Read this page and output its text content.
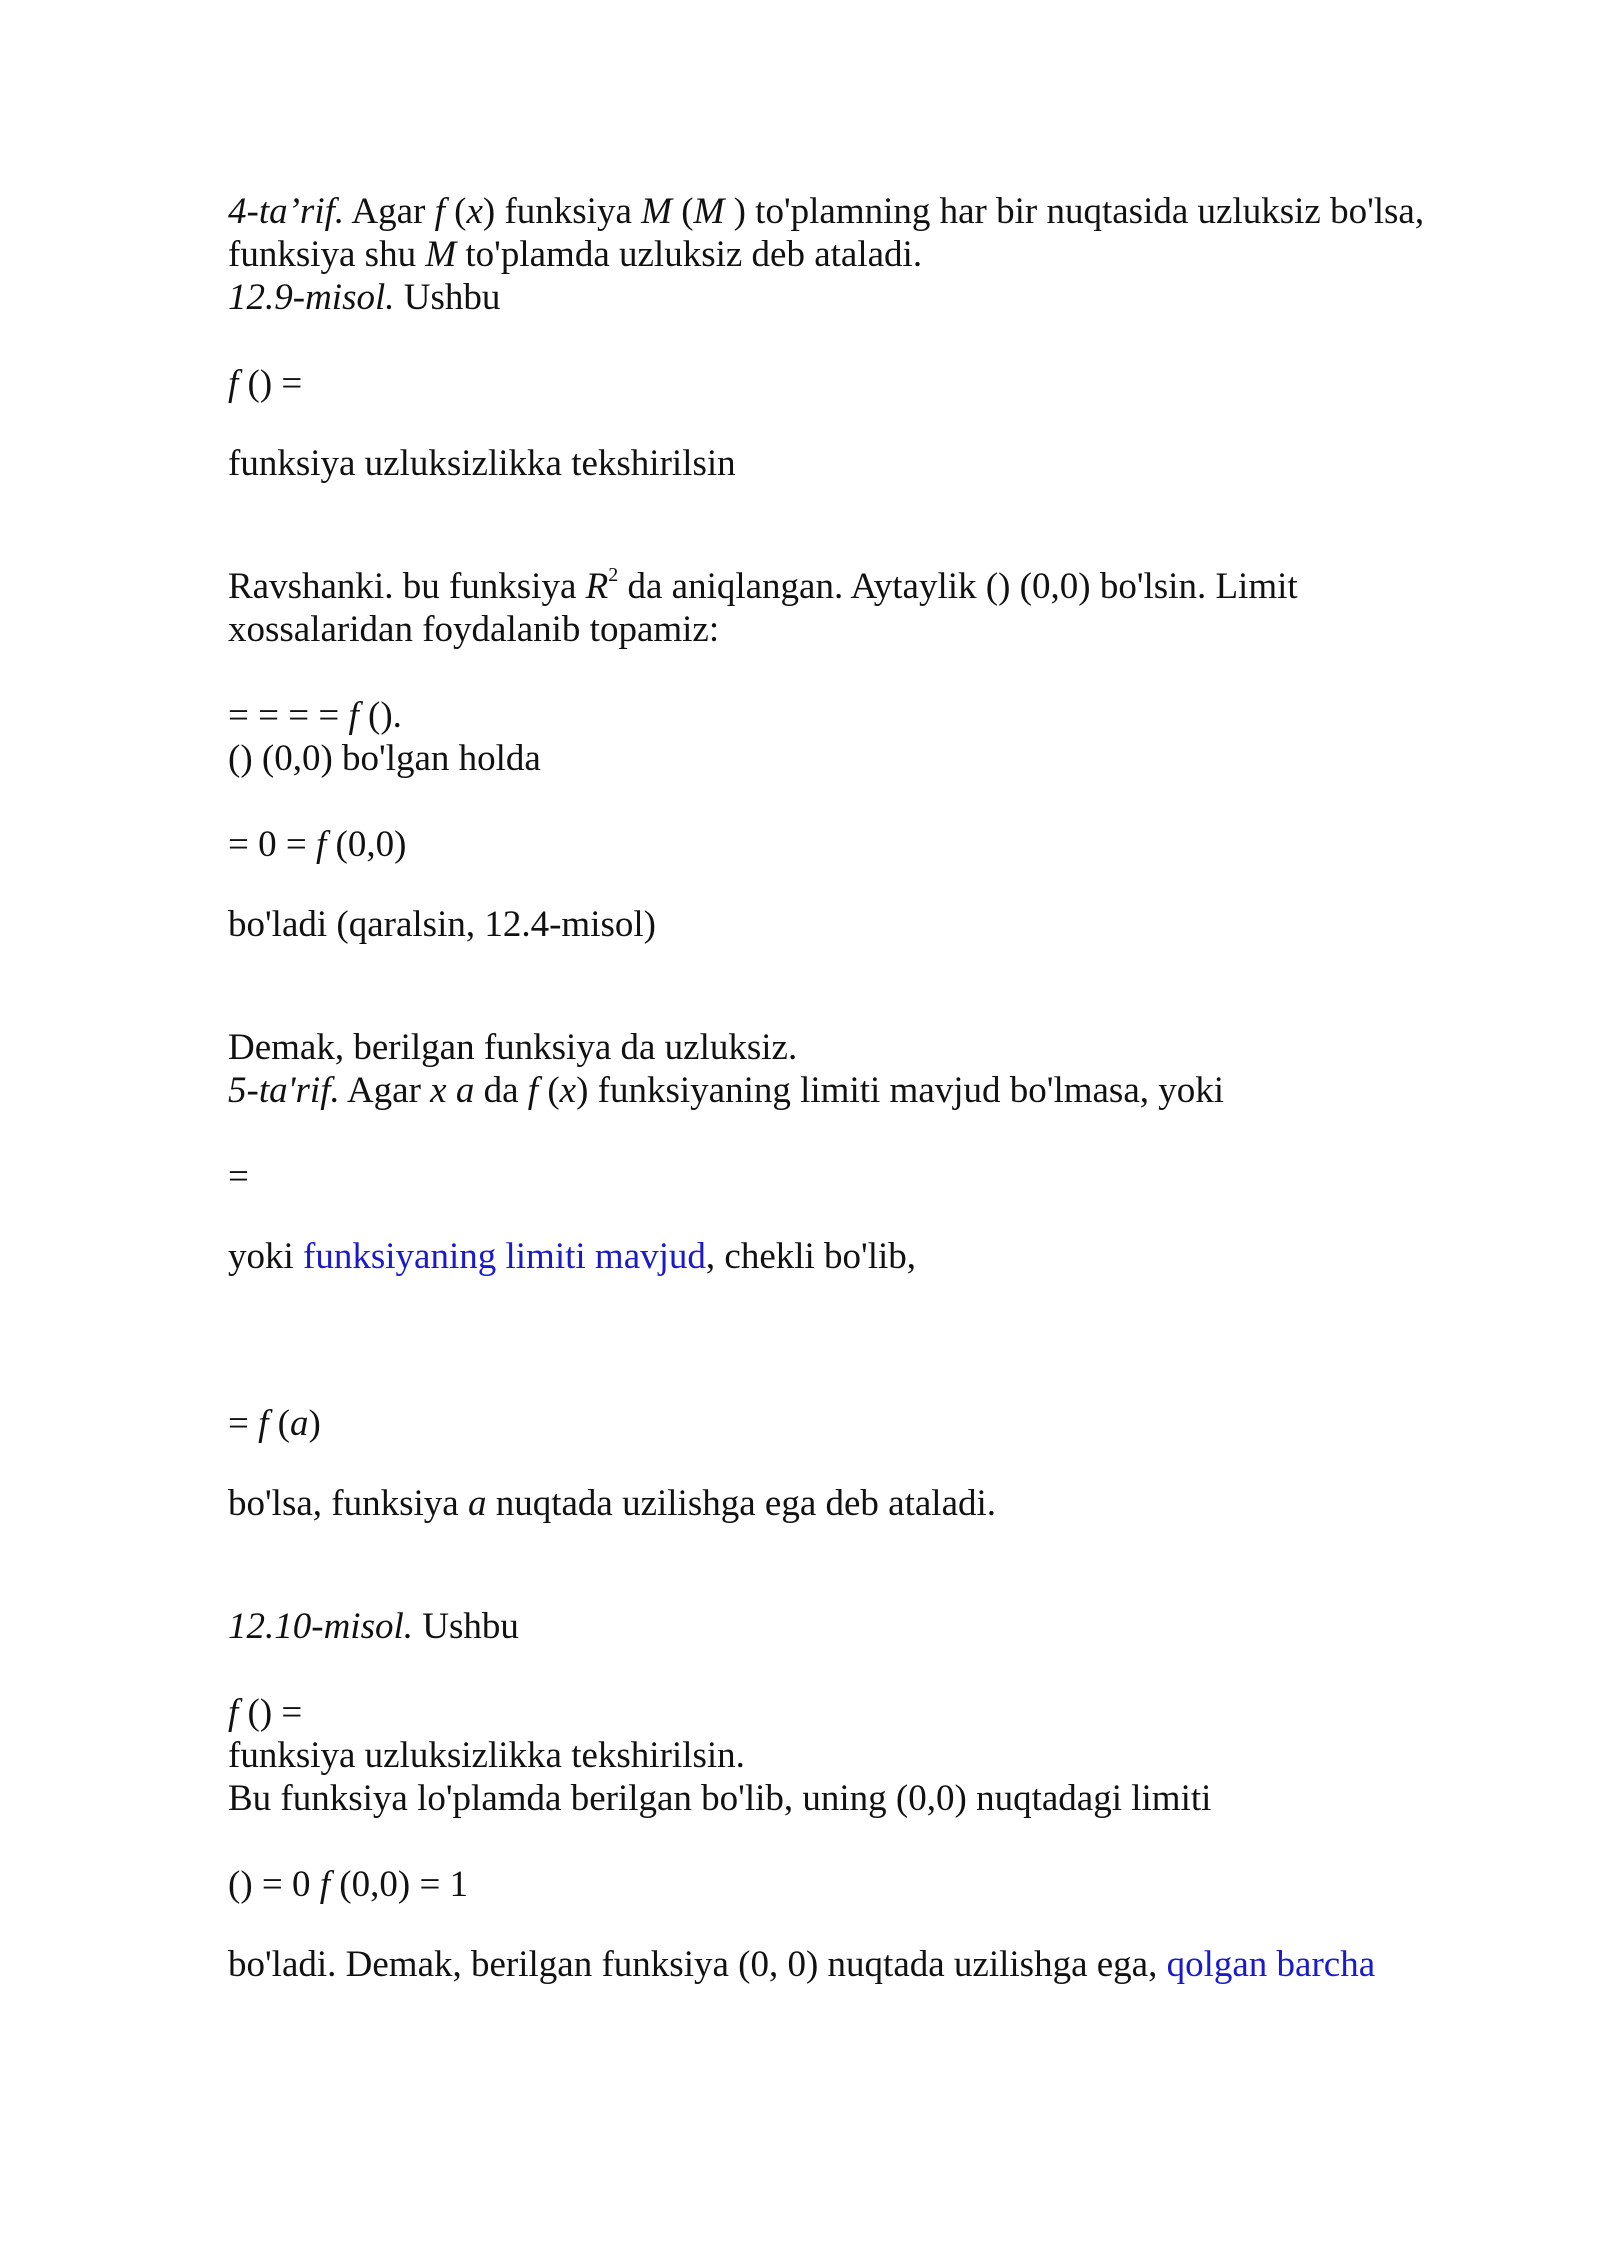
4-ta’rif. Agar f (x) funksiya M (M ) to'plamning har bir nuqtasida uzluksiz bo'lsa,
funksiya shu M to'plamda uzluksiz deb ataladi.
12.9-misol. Ushbu
f () =
funksiya uzluksizlikka tekshirilsin
Ravshanki. bu funksiya $R^2$ da aniqlangan. Aytaylik () (0,0) bo'lsin. Limit
xossalaridan foydalanib topamiz:
= = = = f ().
() (0,0) bo'lgan holda
= 0 = f (0,0)
bo'ladi (qaralsin, 12.4-misol)
Demak, berilgan funksiya da uzluksiz.
5-ta'rif. Agar x a da f (x) funksiyaning limiti mavjud bo'lmasa, yoki
=
yoki funksiyaning limiti mavjud, chekli bo'lib,
= f (a)
bo'lsa, funksiya a nuqtada uzilishga ega deb ataladi.
12.10-misol. Ushbu
f () =
funksiya uzluksizlikka tekshirilsin.
Bu funksiya lo'plamda berilgan bo'lib, uning (0,0) nuqtadagi limiti
() = 0 f (0,0) = 1
bo'ladi. Demak, berilgan funksiya (0, 0) nuqtada uzilishga ega, qolgan barcha
